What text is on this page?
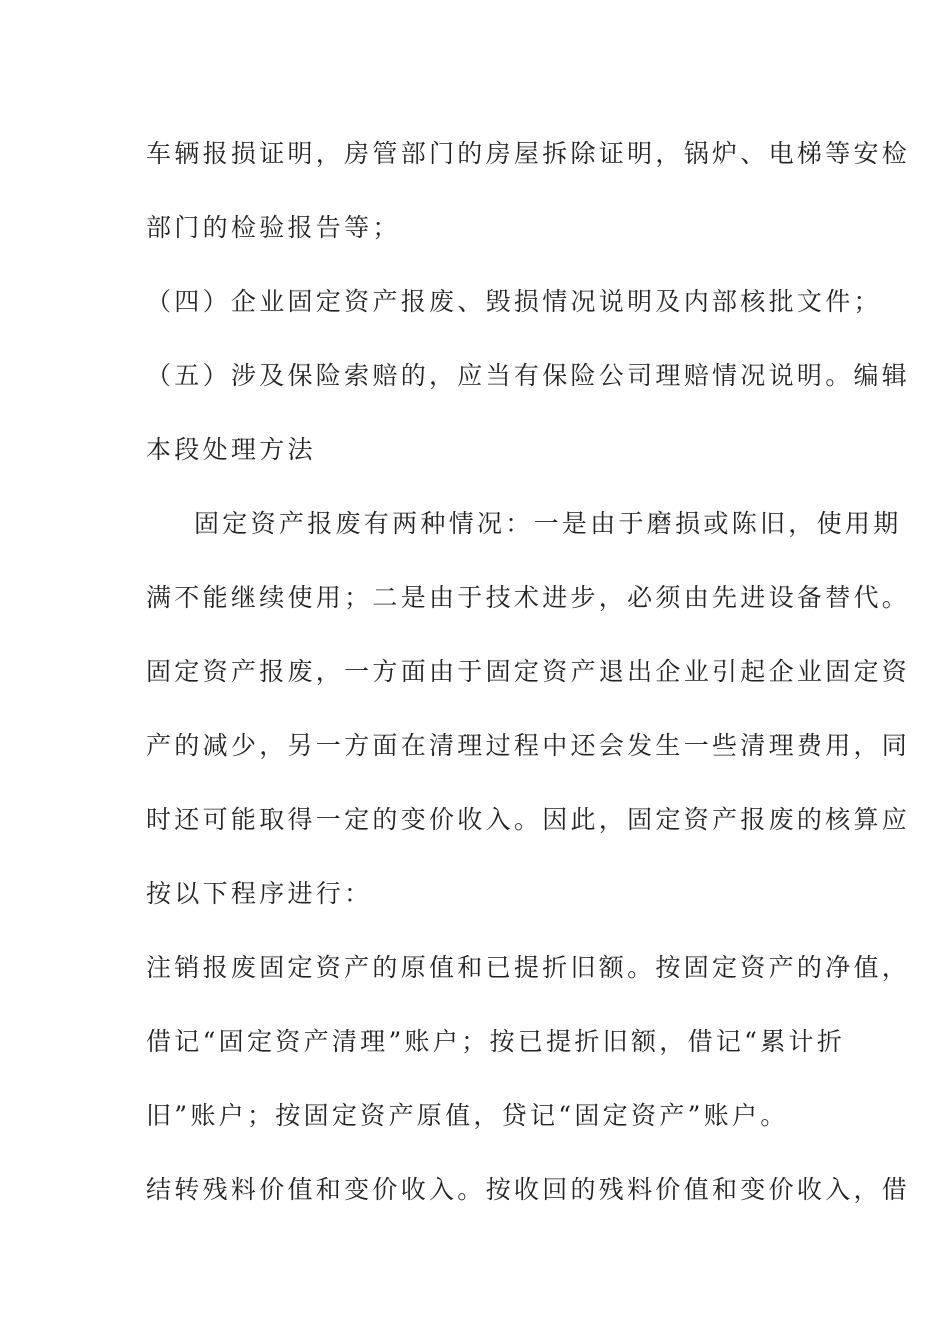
车辆报损证明，房管部门的房屋拆除证明，锅炉、电梯等安检
部门的检验报告等；
（四）企业固定资产报废、毁损情况说明及内部核批文件；
（五）涉及保险索赔的，应当有保险公司理赔情况说明。编辑
本段处理方法
固定资产报废有两种情况：一是由于磨损或陈旧，使用期
满不能继续使用；二是由于技术进步，必须由先进设备替代。
固定资产报废，一方面由于固定资产退出企业引起企业固定资
产的减少，另一方面在清理过程中还会发生一些清理费用，同
时还可能取得一定的变价收入。因此，固定资产报废的核算应
按以下程序进行：
注销报废固定资产的原值和已提折旧额。按固定资产的净值，
借记“固定资产清理”账户；按已提折旧额，借记“累计折
旧”账户；按固定资产原值，贷记“固定资产”账户。
结转残料价值和变价收入。按收回的残料价值和变价收入，借
